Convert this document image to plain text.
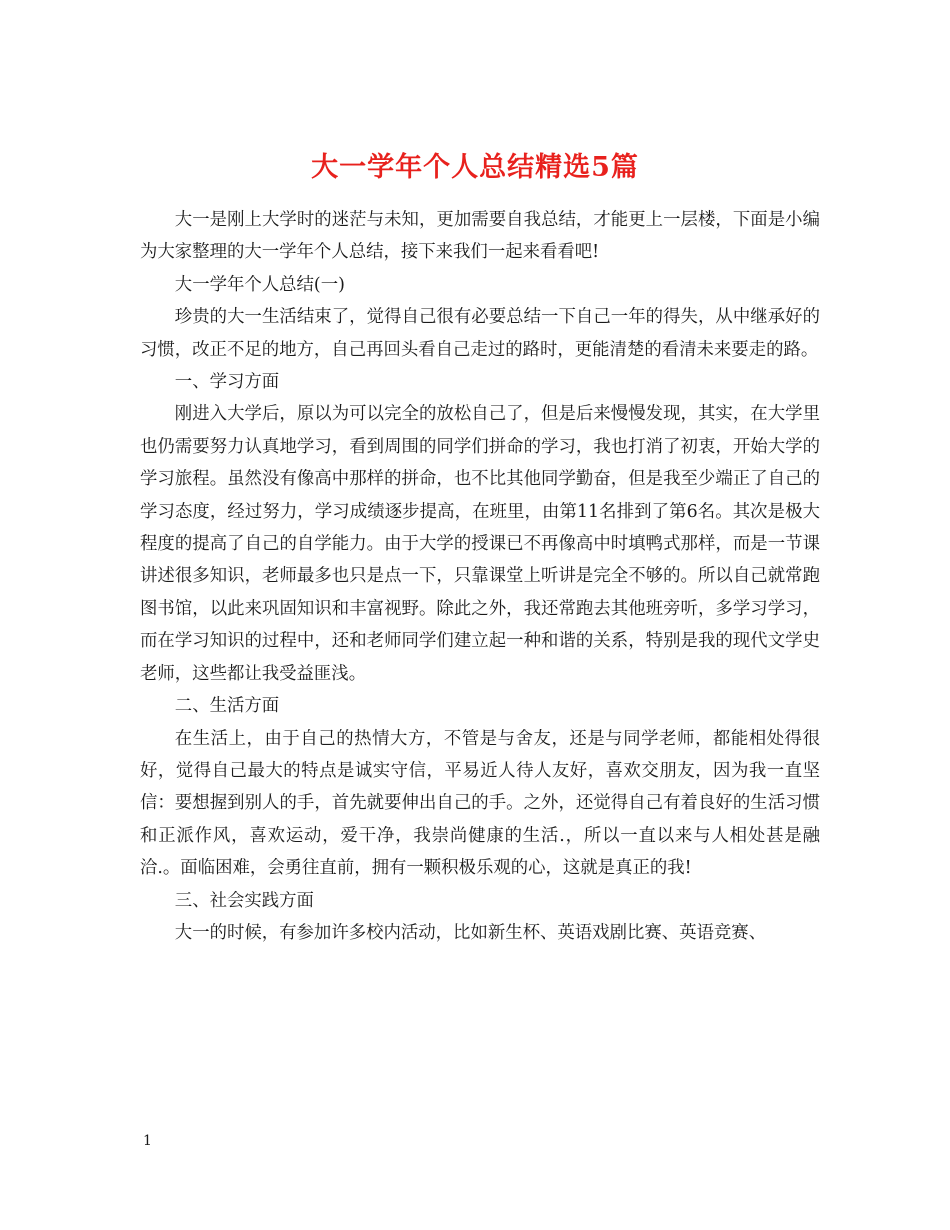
大一学年个人总结精选5篇

大一是刚上大学时的迷茫与未知，更加需要自我总结，才能更上一层楼，下面是小编为大家整理的大一学年个人总结，接下来我们一起来看看吧!

大一学年个人总结(一)

珍贵的大一生活结束了，觉得自己很有必要总结一下自己一年的得失，从中继承好的习惯，改正不足的地方，自己再回头看自己走过的路时，更能清楚的看清未来要走的路。

一、学习方面

刚进入大学后，原以为可以完全的放松自己了，但是后来慢慢发现，其实，在大学里也仍需要努力认真地学习，看到周围的同学们拼命的学习，我也打消了初衷，开始大学的学习旅程。虽然没有像高中那样的拼命，也不比其他同学勤奋，但是我至少端正了自己的学习态度，经过努力，学习成绩逐步提高，在班里，由第11名排到了第6名。其次是极大程度的提高了自己的自学能力。由于大学的授课已不再像高中时填鸭式那样，而是一节课讲述很多知识，老师最多也只是点一下，只靠课堂上听讲是完全不够的。所以自己就常跑图书馆，以此来巩固知识和丰富视野。除此之外，我还常跑去其他班旁听，多学习学习，而在学习知识的过程中，还和老师同学们建立起一种和谐的关系，特别是我的现代文学史老师，这些都让我受益匪浅。

二、生活方面

在生活上，由于自己的热情大方，不管是与舍友，还是与同学老师，都能相处得很好，觉得自己最大的特点是诚实守信，平易近人待人友好，喜欢交朋友，因为我一直坚信：要想握到别人的手，首先就要伸出自己的手。之外，还觉得自己有着良好的生活习惯和正派作风，喜欢运动，爱干净，我崇尚健康的生活.，所以一直以来与人相处甚是融洽.。面临困难，会勇往直前，拥有一颗积极乐观的心，这就是真正的我!

三、社会实践方面

大一的时候，有参加许多校内活动，比如新生杯、英语戏剧比赛、英语竞赛、

1
